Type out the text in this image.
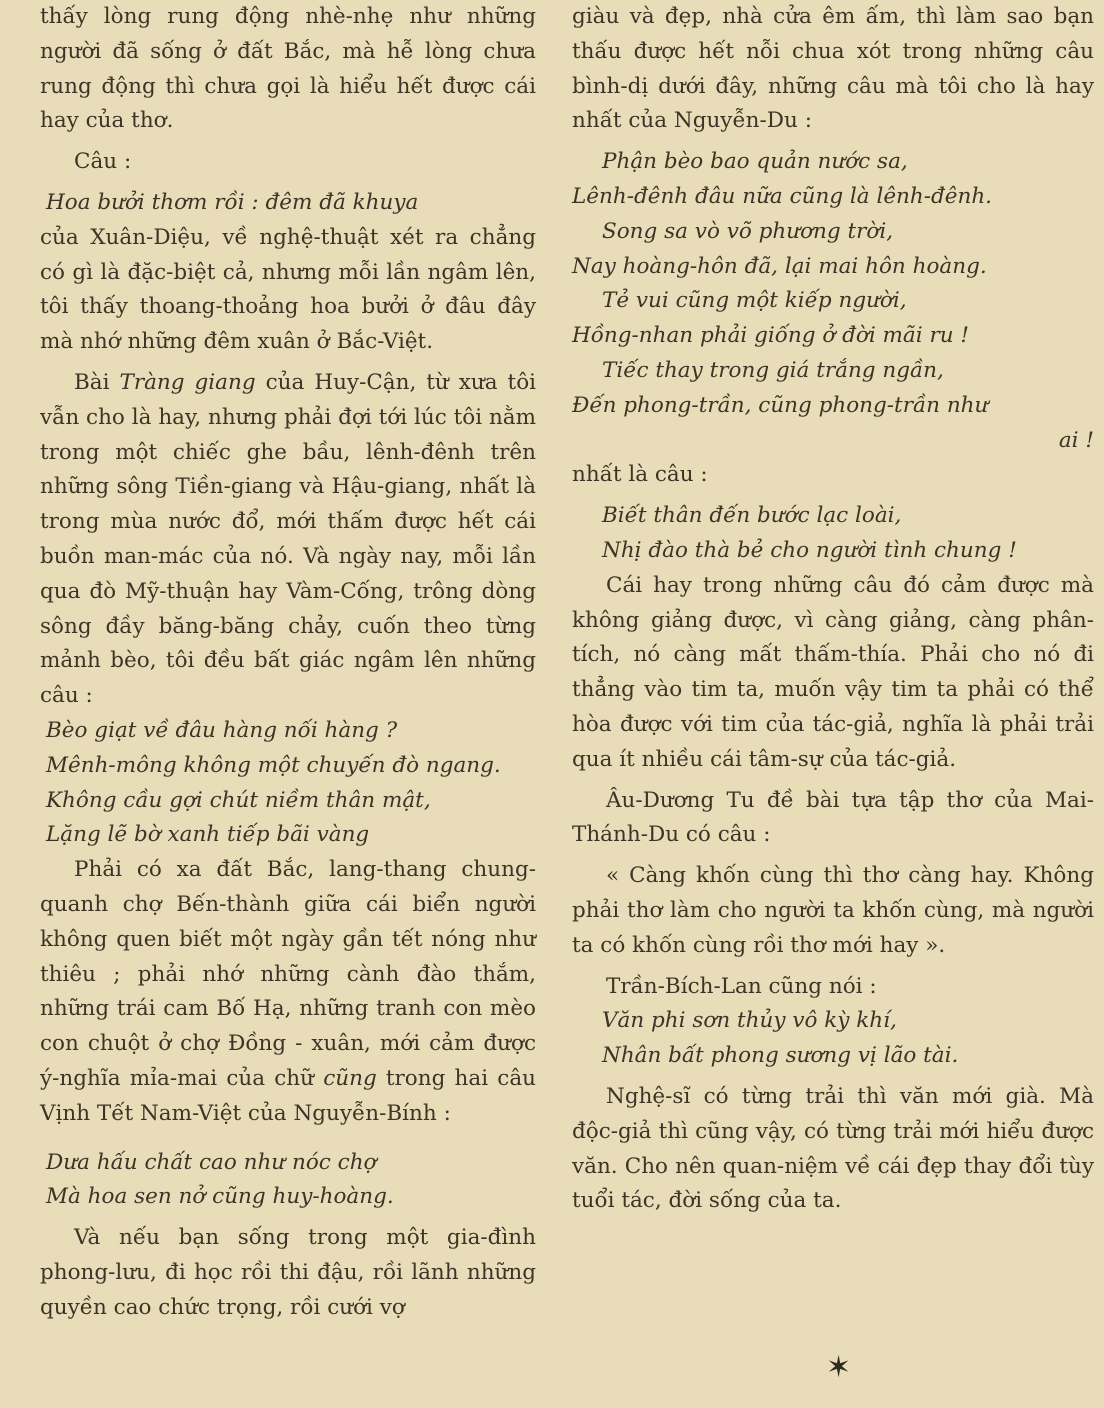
thấy lòng rung động nhè-nhẹ như những người đã sống ở đất Bắc, mà hễ lòng chưa rung động thì chưa gọi là hiểu hết được cái hay của thơ.

Câu :

Hoa bưởi thơm rồi : đêm đã khuya

của Xuân-Diệu, về nghệ-thuật xét ra chẳng có gì là đặc-biệt cả, nhưng mỗi lần ngâm lên, tôi thấy thoang-thoảng hoa bưởi ở đâu đây mà nhớ những đêm xuân ở Bắc-Việt.

Bài Tràng giang của Huy-Cận, từ xưa tôi vẫn cho là hay, nhưng phải đợi tới lúc tôi nằm trong một chiếc ghe bầu, lênh-đênh trên những sông Tiền-giang và Hậu-giang, nhất là trong mùa nước đổ, mới thấm được hết cái buồn man-mác của nó. Và ngày nay, mỗi lần qua đò Mỹ-thuận hay Vàm-Cống, trông dòng sông đầy băng-băng chảy, cuốn theo từng mảnh bèo, tôi đều bất giác ngâm lên những câu :

Bèo giạt về đâu hàng nối hàng ?

Mênh-mông không một chuyến đò ngang.

Không cầu gợi chút niềm thân mật,

Lặng lẽ bờ xanh tiếp bãi vàng

Phải có xa đất Bắc, lang-thang chung-quanh chợ Bến-thành giữa cái biển người không quen biết một ngày gần tết nóng như thiêu ; phải nhớ những cành đào thắm, những trái cam Bố Hạ, những tranh con mèo con chuột ở chợ Đồng - xuân, mới cảm được ý-nghĩa mỉa-mai của chữ cũng trong hai câu Vịnh Tết Nam-Việt của Nguyễn-Bính :

Dưa hấu chất cao như nóc chợ

Mà hoa sen nở cũng huy-hoàng.

Và nếu bạn sống trong một gia-đình phong-lưu, đi học rồi thi đậu, rồi lãnh những quyền cao chức trọng, rồi cưới vợ

giàu và đẹp, nhà cửa êm ấm, thì làm sao bạn thấu được hết nỗi chua xót trong những câu bình-dị dưới đây, những câu mà tôi cho là hay nhất của Nguyễn-Du :

Phận bèo bao quản nước sa,

Lênh-đênh đâu nữa cũng là lênh-đênh.

Song sa vò võ phương trời,

Nay hoàng-hôn đã, lại mai hôn hoàng.

Tẻ vui cũng một kiếp người,

Hồng-nhan phải giống ở đời mãi ru !

Tiếc thay trong giá trắng ngần,

Đến phong-trần, cũng phong-trần như

ai !

nhất là câu :

Biết thân đến bước lạc loài,

Nhị đào thà bẻ cho người tình chung !

Cái hay trong những câu đó cảm được mà không giảng được, vì càng giảng, càng phân-tích, nó càng mất thấm-thía. Phải cho nó đi thẳng vào tim ta, muốn vậy tim ta phải có thể hòa được với tim của tác-giả, nghĩa là phải trải qua ít nhiều cái tâm-sự của tác-giả.

Âu-Dương Tu đề bài tựa tập thơ của Mai-Thánh-Du có câu :

« Càng khốn cùng thì thơ càng hay. Không phải thơ làm cho người ta khốn cùng, mà người ta có khốn cùng rồi thơ mới hay ».

Trần-Bích-Lan cũng nói :

Văn phi sơn thủy vô kỳ khí,

Nhân bất phong sương vị lão tài.

Nghệ-sĩ có từng trải thì văn mới già. Mà độc-giả thì cũng vậy, có từng trải mới hiểu được văn. Cho nên quan-niệm về cái đẹp thay đổi tùy tuổi tác, đời sống của ta.

✶
